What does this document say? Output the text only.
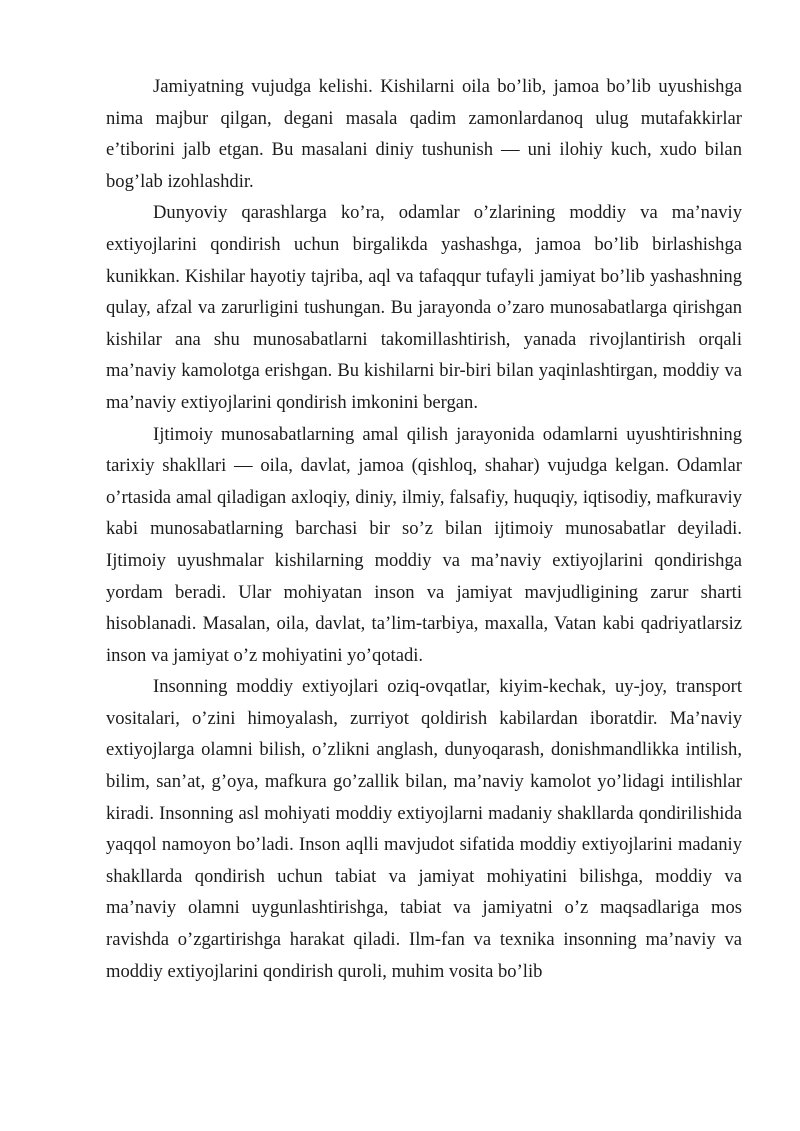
Jamiyatning vujudga kelishi. Kishilarni oila bo’lib, jamoa bo’lib uyushishga nima majbur qilgan, degani masala qadim zamonlardanoq ulug mutafakkirlar e’tiborini jalb etgan. Bu masalani diniy tushunish — uni ilohiy kuch, xudo bilan bog’lab izohlashdir.

Dunyoviy qarashlarga ko’ra, odamlar o’zlarining moddiy va ma’naviy extiyojlarini qondirish uchun birgalikda yashashga, jamoa bo’lib birlashishga kunikkan. Kishilar hayotiy tajriba, aql va tafaqqur tufayli jamiyat bo’lib yashashning qulay, afzal va zarurligini tushungan. Bu jarayonda o’zaro munosabatlarga qirishgan kishilar ana shu munosabatlarni takomillashtirish, yanada rivojlantirish orqali ma’naviy kamolotga erishgan. Bu kishilarni bir-biri bilan yaqinlashtirgan, moddiy va ma’naviy extiyojlarini qondirish imkonini bergan.

Ijtimoiy munosabatlarning amal qilish jarayonida odamlarni uyushtirishning tarixiy shakllari — oila, davlat, jamoa (qishloq, shahar) vujudga kelgan. Odamlar o’rtasida amal qiladigan axloqiy, diniy, ilmiy, falsafiy, huquqiy, iqtisodiy, mafkuraviy kabi munosabatlarning barchasi bir so’z bilan ijtimoiy munosabatlar deyiladi. Ijtimoiy uyushmalar kishilarning moddiy va ma’naviy extiyojlarini qondirishga yordam beradi. Ular mohiyatan inson va jamiyat mavjudligining zarur sharti hisoblanadi. Masalan, oila, davlat, ta’lim-tarbiya, maxalla, Vatan kabi qadriyatlarsiz inson va jamiyat o’z mohiyatini yo’qotadi.

Insonning moddiy extiyojlari oziq-ovqatlar, kiyim-kechak, uy-joy, transport vositalari, o’zini himoyalash, zurriyot qoldirish kabilardan iboratdir. Ma’naviy extiyojlarga olamni bilish, o’zlikni anglash, dunyoqarash, donishmandlikka intilish, bilim, san’at, g’oya, mafkura go’zallik bilan, ma’naviy kamolot yo’lidagi intilishlar kiradi. Insonning asl mohiyati moddiy extiyojlarni madaniy shakllarda qondirilishida yaqqol namoyon bo’ladi. Inson aqlli mavjudot sifatida moddiy extiyojlarini madaniy shakllarda qondirish uchun tabiat va jamiyat mohiyatini bilishga, moddiy va ma’naviy olamni uygunlashtirishga, tabiat va jamiyatni o’z maqsadlariga mos ravishda o’zgartirishga harakat qiladi. Ilm-fan va texnika insonning ma’naviy va moddiy extiyojlarini qondirish quroli, muhim vosita bo’lib
